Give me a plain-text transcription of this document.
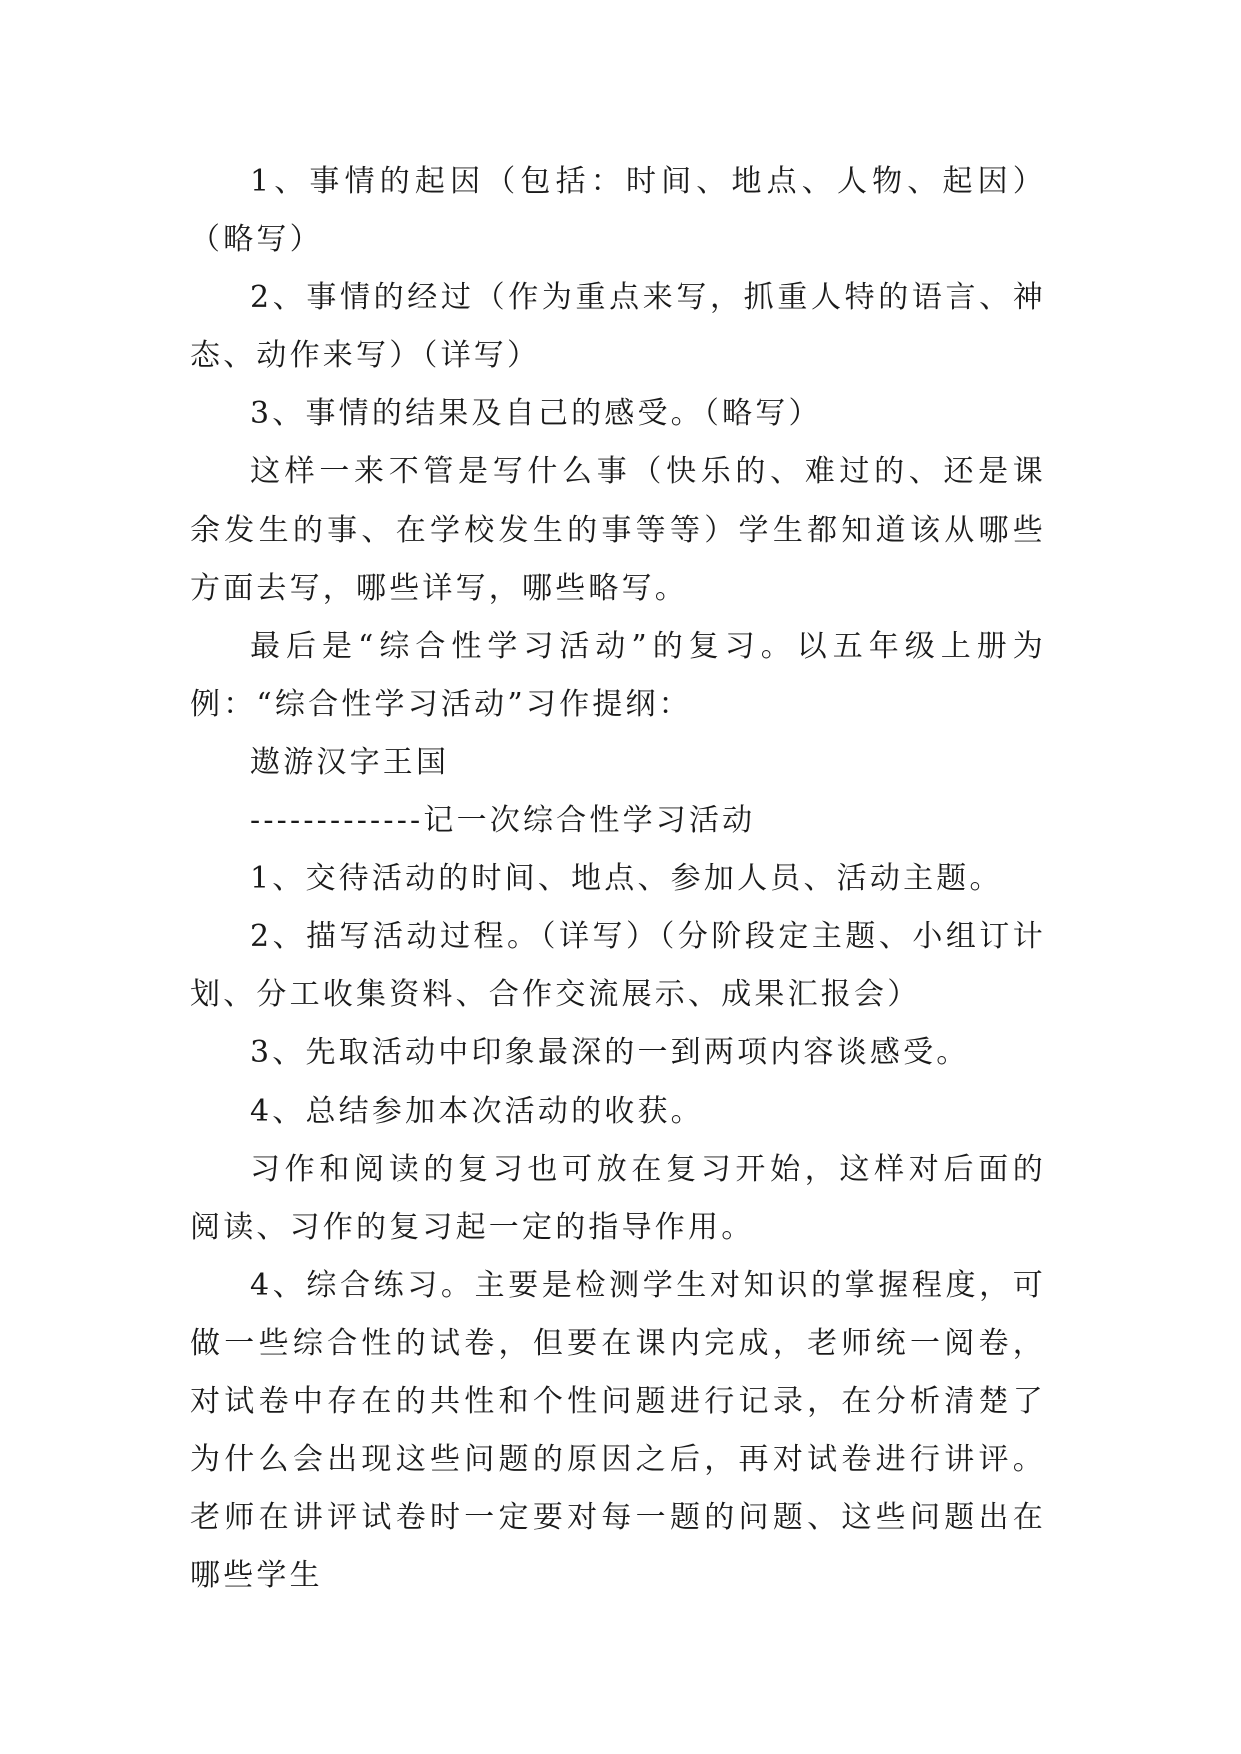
1、事情的起因（包括：时间、地点、人物、起因）（略写）

2、事情的经过（作为重点来写，抓重人特的语言、神态、动作来写）（详写）

3、事情的结果及自己的感受。（略写）

这样一来不管是写什么事（快乐的、难过的、还是课余发生的事、在学校发生的事等等）学生都知道该从哪些方面去写，哪些详写，哪些略写。

最后是“综合性学习活动”的复习。以五年级上册为例：“综合性学习活动”习作提纲：

遨游汉字王国

-------------记一次综合性学习活动

1、交待活动的时间、地点、参加人员、活动主题。

2、描写活动过程。（详写）（分阶段定主题、小组订计划、分工收集资料、合作交流展示、成果汇报会）

3、先取活动中印象最深的一到两项内容谈感受。

4、总结参加本次活动的收获。

习作和阅读的复习也可放在复习开始，这样对后面的阅读、习作的复习起一定的指导作用。

4、综合练习。主要是检测学生对知识的掌握程度，可做一些综合性的试卷，但要在课内完成，老师统一阅卷，对试卷中存在的共性和个性问题进行记录，在分析清楚了为什么会出现这些问题的原因之后，再对试卷进行讲评。老师在讲评试卷时一定要对每一题的问题、这些问题出在哪些学生
